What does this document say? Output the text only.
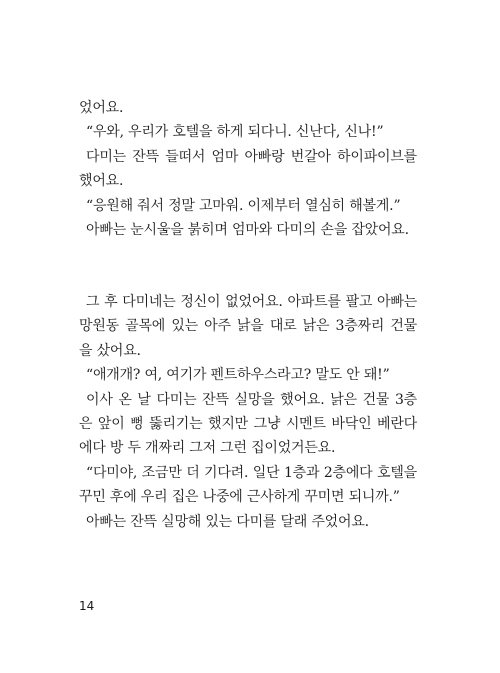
었어요.
“우와, 우리가 호텔을 하게 되다니. 신난다, 신나!”
다미는 잔뜩 들떠서 엄마 아빠랑 번갈아 하이파이브를
했어요.
“응원해 줘서 정말 고마워. 이제부터 열심히 해볼게.”
아빠는 눈시울을 붉히며 엄마와 다미의 손을 잡았어요.
그 후 다미네는 정신이 없었어요. 아파트를 팔고 아빠는
망원동 골목에 있는 아주 낡을 대로 낡은 3층짜리 건물
을 샀어요.
“애개개? 여, 여기가 펜트하우스라고? 말도 안 돼!”
이사 온 날 다미는 잔뜩 실망을 했어요. 낡은 건물 3층
은 앞이 뻥 뚫리기는 했지만 그냥 시멘트 바닥인 베란다
에다 방 두 개짜리 그저 그런 집이었거든요.
“다미야, 조금만 더 기다려. 일단 1층과 2층에다 호텔을
꾸민 후에 우리 집은 나중에 근사하게 꾸미면 되니까.”
아빠는 잔뜩 실망해 있는 다미를 달래 주었어요.
14
